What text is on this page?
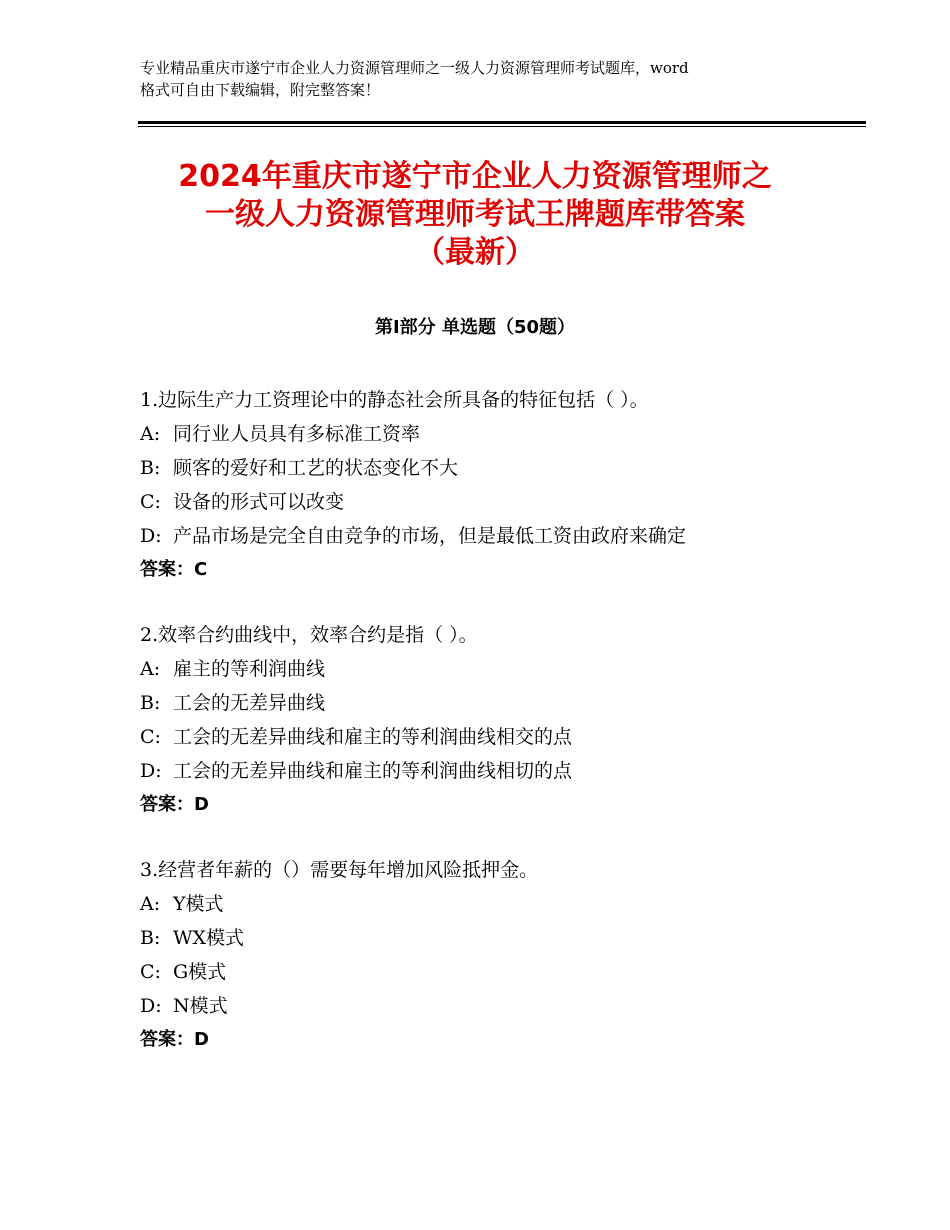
专业精品重庆市遂宁市企业人力资源管理师之一级人力资源管理师考试题库，word
格式可自由下载编辑，附完整答案！

2024年重庆市遂宁市企业人力资源管理师之
一级人力资源管理师考试王牌题库带答案
（最新）
第Ⅰ部分 单选题（50题）
1.边际生产力工资理论中的静态社会所具备的特征包括（ ）。
A: 同行业人员具有多标准工资率
B: 顾客的爱好和工艺的状态变化不大
C: 设备的形式可以改变
D: 产品市场是完全自由竞争的市场，但是最低工资由政府来确定
答案：C
2.效率合约曲线中，效率合约是指（ ）。
A: 雇主的等利润曲线
B: 工会的无差异曲线
C: 工会的无差异曲线和雇主的等利润曲线相交的点
D: 工会的无差异曲线和雇主的等利润曲线相切的点
答案：D
3.经营者年薪的（）需要每年增加风险抵押金。
A: Y模式
B: WX模式
C: G模式
D: N模式
答案：D
